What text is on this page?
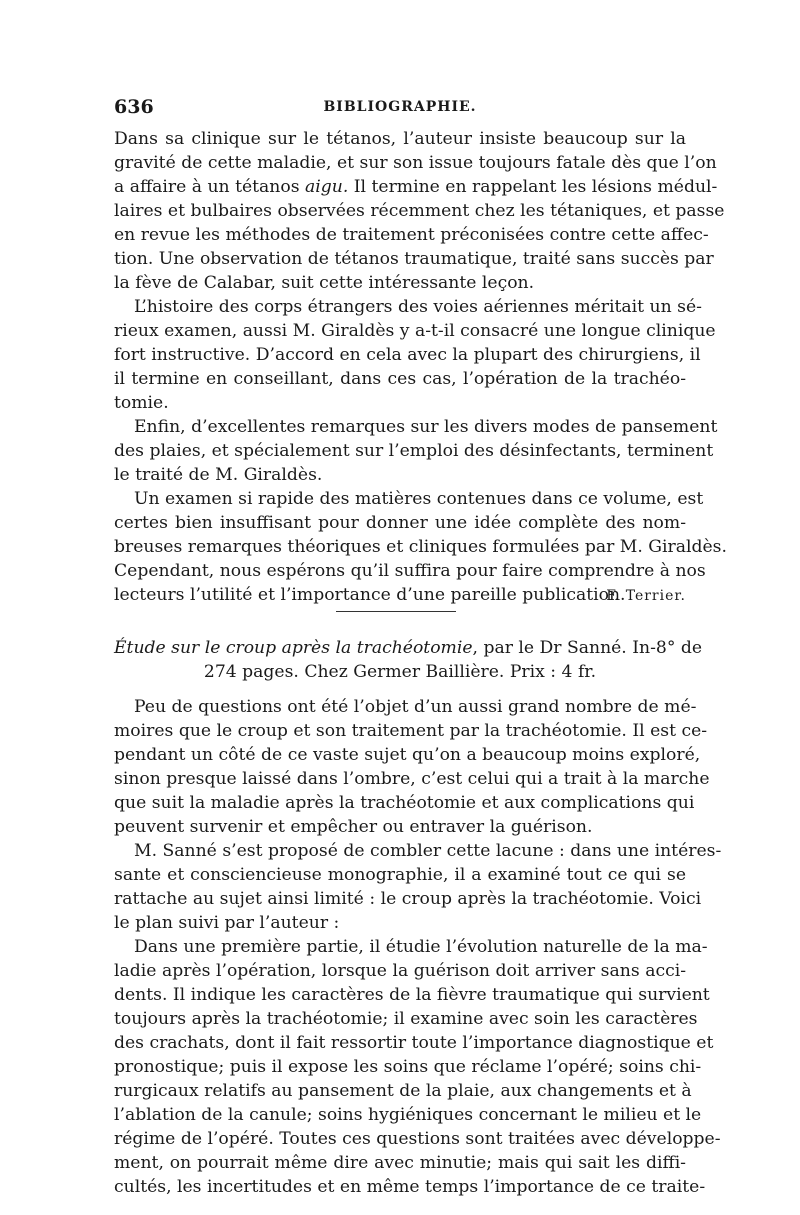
636	BIBLIOGRAPHIE.
Dans sa clinique sur le tétanos, l’auteur insiste beaucoup sur la
gravité de cette maladie, et sur son issue toujours fatale dès que l’on
a affaire à un tétanos aigu. Il termine en rappelant les lésions médul-
laires et bulbaires observées récemment chez les tétaniques, et passe
en revue les méthodes de traitement préconisées contre cette affec-
tion. Une observation de tétanos traumatique, traité sans succès par
la fève de Calabar, suit cette intéressante leçon.
L’histoire des corps étrangers des voies aériennes méritait un sé-
rieux examen, aussi M. Giraldès y a-t-il consacré une longue clinique
fort instructive. D’accord en cela avec la plupart des chirurgiens, il
il termine en conseillant, dans ces cas, l’opération de la trachéo-
tomie.
Enfin, d’excellentes remarques sur les divers modes de pansement
des plaies, et spécialement sur l’emploi des désinfectants, terminent
le traité de M. Giraldès.
Un examen si rapide des matières contenues dans ce volume, est
certes bien insuffisant pour donner une idée complète des nom-
breuses remarques théoriques et cliniques formulées par M. Giraldès.
Cependant, nous espérons qu’il suffira pour faire comprendre à nos
lecteurs l’utilité et l’importance d’une pareille publication.
F. Terrier.
Étude sur le croup après la trachéotomie, par le Dr Sanné. In-8° de
274 pages. Chez Germer Baillière. Prix : 4 fr.
Peu de questions ont été l’objet d’un aussi grand nombre de mé-
moires que le croup et son traitement par la trachéotomie. Il est ce-
pendant un côté de ce vaste sujet qu’on a beaucoup moins exploré,
sinon presque laissé dans l’ombre, c’est celui qui a trait à la marche
que suit la maladie après la trachéotomie et aux complications qui
peuvent survenir et empêcher ou entraver la guérison.
M. Sanné s’est proposé de combler cette lacune : dans une intéres-
sante et consciencieuse monographie, il a examiné tout ce qui se
rattache au sujet ainsi limité : le croup après la trachéotomie. Voici
le plan suivi par l’auteur :
Dans une première partie, il étudie l’évolution naturelle de la ma-
ladie après l’opération, lorsque la guérison doit arriver sans acci-
dents. Il indique les caractères de la fièvre traumatique qui survient
toujours après la trachéotomie; il examine avec soin les caractères
des crachats, dont il fait ressortir toute l’importance diagnostique et
pronostique; puis il expose les soins que réclame l’opéré; soins chi-
rurgicaux relatifs au pansement de la plaie, aux changements et à
l’ablation de la canule; soins hygiéniques concernant le milieu et le
régime de l’opéré. Toutes ces questions sont traitées avec développe-
ment, on pourrait même dire avec minutie; mais qui sait les diffi-
cultés, les incertitudes et en même temps l’importance de ce traite-
